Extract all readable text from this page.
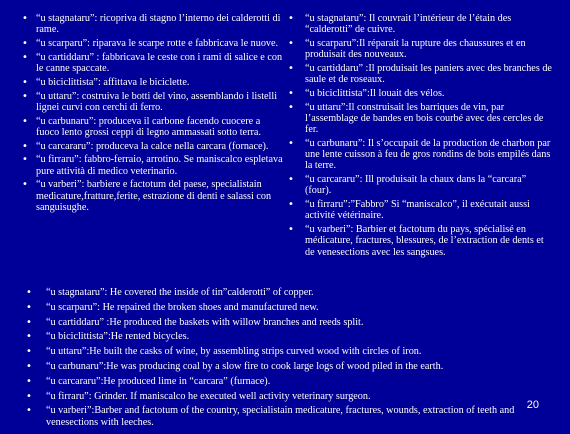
• “u stagnataru”: ricopriva di stagno l’interno dei calderotti di rame.
• “u scarparu”: riparava le scarpe rotte e fabbricava le nuove.
• “u cartiddaru” : fabbricava le ceste con i rami di salice e con le canne spaccate.
• “u biciclittista”: affittava le biciclette.
• “u uttaru”: costruiva le botti del vino, assemblando i listelli lignei curvi con cerchi di ferro.
• “u carbunaru”: produceva il carbone facendo cuocere a fuoco lento grossi ceppi di legno ammassati sotto terra.
• “u carcararu”: produceva la calce nella carcara (fornace).
• “u firraru”: fabbro-ferraio, arrotino. Se maniscalco espletava pure attività di medico veterinario.
• “u varberi”: barbiere e factotum del paese, specialistain medicature,fratture,ferite, estrazione di denti e salassi con sanguisughe.
• “u stagnataru”: Il couvrait l’intérieur de l’étain des “calderotti” de cuivre.
• “u scarparu”:Il réparait la rupture des chaussures et en produisait des nouveaux.
• “u cartiddaru” :Il produisait les paniers avec des branches de saule et de roseaux.
• “u biciclittista”:Il louait des vélos.
• “u uttaru”:Il construisait les barriques de vin, par l’assemblage de bandes en bois courbé avec des cercles de fer.
• “u carbunaru”: Il s’occupait de la production de charbon par une lente cuisson à feu de gros rondins de bois empilés dans la terre.
• “u carcararu”: Ill produisait la chaux dans la “carcara” (four).
• “u firraru”:”Fabbro” Si “maniscalco”, il exécutait aussi activité vétérinaire.
• “u varberi”: Barbier et factotum du pays, spécialisé en médicature, fractures, blessures, de l’extraction de dents et de venesections avec les sangsues.
• “u stagnataru”: He covered the inside of tin”calderotti” of copper.
• “u scarparu”: He repaired the broken shoes and manufactured new.
• “u cartiddaru” :He produced the baskets with willow branches and reeds split.
• “u biciclittista”:He rented bicycles.
• “u uttaru”:He built the casks of wine, by assembling strips curved wood with circles of iron.
• “u carbunaru”:He was producing coal by a slow fire to cook large logs of wood piled in the earth.
• “u carcararu”:He produced lime in “carcara” (furnace).
• “u firraru”: Grinder. If maniscalco he executed well activity veterinary surgeon.
• “u varberi”:Barber and factotum of the country, specialistain medicature, fractures, wounds, extraction of teeth and venesections with leeches.
20
